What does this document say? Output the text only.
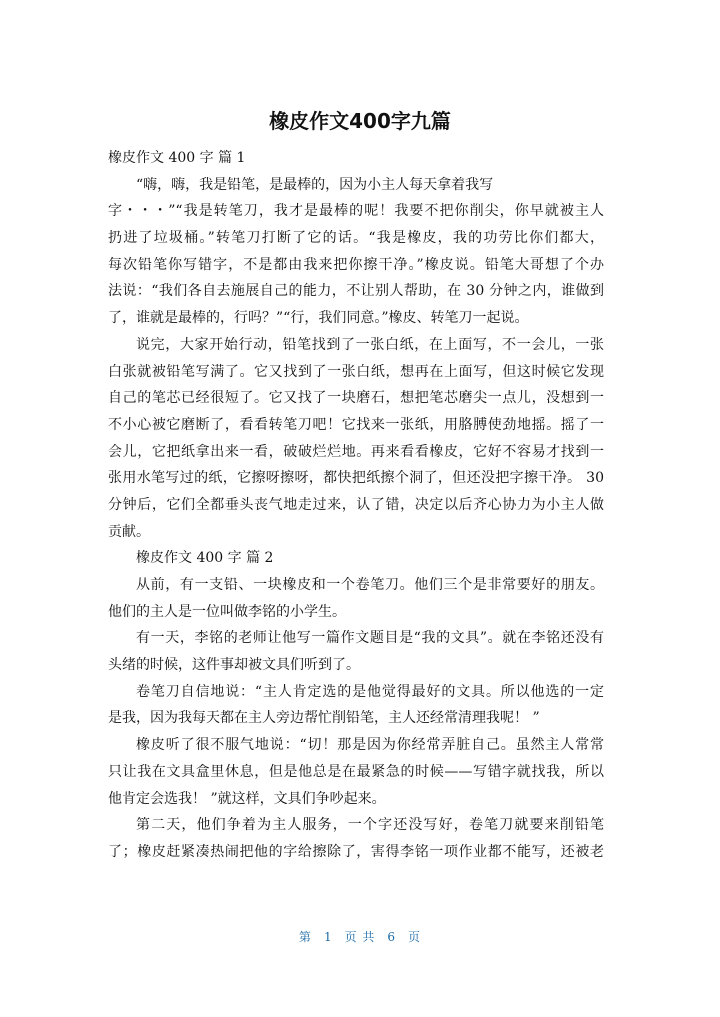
橡皮作文400字九篇
橡皮作文 400 字 篇 1
“嗨，嗨，我是铅笔，是最棒的，因为小主人每天拿着我写
字・・・”“我是转笔刀，我才是最棒的呢！我要不把你削尖，你早就被主人
扔进了垃圾桶。”转笔刀打断了它的话。“我是橡皮，我的功劳比你们都大，
每次铅笔你写错字，不是都由我来把你擦干净。”橡皮说。铅笔大哥想了个办
法说：“我们各自去施展自己的能力，不让别人帮助，在 30 分钟之内，谁做到
了，谁就是最棒的，行吗？”“行，我们同意。”橡皮、转笔刀一起说。
说完，大家开始行动，铅笔找到了一张白纸，在上面写，不一会儿，一张
白张就被铅笔写满了。它又找到了一张白纸，想再在上面写，但这时候它发现
自己的笔芯已经很短了。它又找了一块磨石，想把笔芯磨尖一点儿，没想到一
不小心被它磨断了，看看转笔刀吧！它找来一张纸，用胳膊使劲地摇。摇了一
会儿，它把纸拿出来一看，破破烂烂地。再来看看橡皮，它好不容易才找到一
张用水笔写过的纸，它擦呀擦呀，都快把纸擦个洞了，但还没把字擦干净。 30
分钟后，它们全都垂头丧气地走过来，认了错，决定以后齐心协力为小主人做
贡献。
橡皮作文 400 字 篇 2
从前，有一支铅、一块橡皮和一个卷笔刀。他们三个是非常要好的朋友。
他们的主人是一位叫做李铭的小学生。
有一天，李铭的老师让他写一篇作文题目是“我的文具”。就在李铭还没有
头绪的时候，这件事却被文具们听到了。
卷笔刀自信地说：“主人肯定选的是他觉得最好的文具。所以他选的一定
是我，因为我每天都在主人旁边帮忙削铅笔，主人还经常清理我呢！ ”
橡皮听了很不服气地说：“切！那是因为你经常弄脏自己。虽然主人常常
只让我在文具盒里休息，但是他总是在最紧急的时候——写错字就找我，所以
他肯定会选我！ ”就这样，文具们争吵起来。
第二天，他们争着为主人服务，一个字还没写好，卷笔刀就要来削铅笔
了；橡皮赶紧凑热闹把他的字给擦除了，害得李铭一项作业都不能写，还被老
第 1 页 共 6 页
